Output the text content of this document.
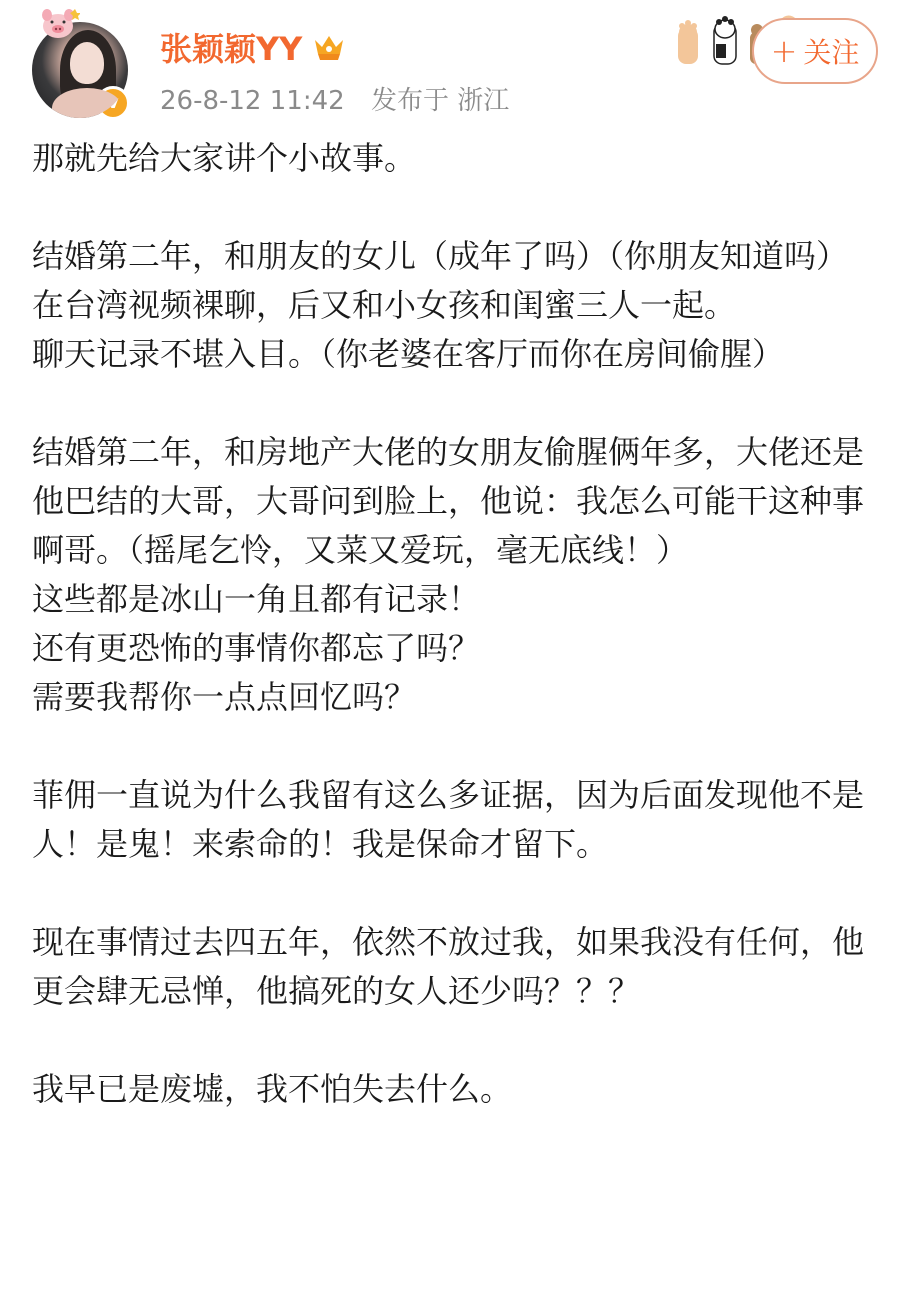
张颖颖YY
26-8-12 11:42 发布于 浙江
+ 关注

那就先给大家讲个小故事。

结婚第二年，和朋友的女儿（成年了吗）（你朋友知道吗）在台湾视频裸聊，后又和小女孩和闺蜜三人一起。

聊天记录不堪入目。（你老婆在客厅而你在房间偷腥）

结婚第二年，和房地产大佬的女朋友偷腥俩年多，大佬还是他巴结的大哥，大哥问到脸上，他说：我怎么可能干这种事啊哥。（摇尾乞怜，又菜又爱玩，毫无底线！）

这些都是冰山一角且都有记录！

还有更恐怖的事情你都忘了吗？

需要我帮你一点点回忆吗？

菲佣一直说为什么我留有这么多证据，因为后面发现他不是人！是鬼！来索命的！我是保命才留下。

现在事情过去四五年，依然不放过我，如果我没有任何，他更会肆无忌惮，他搞死的女人还少吗？？？

我早已是废墟，我不怕失去什么。
